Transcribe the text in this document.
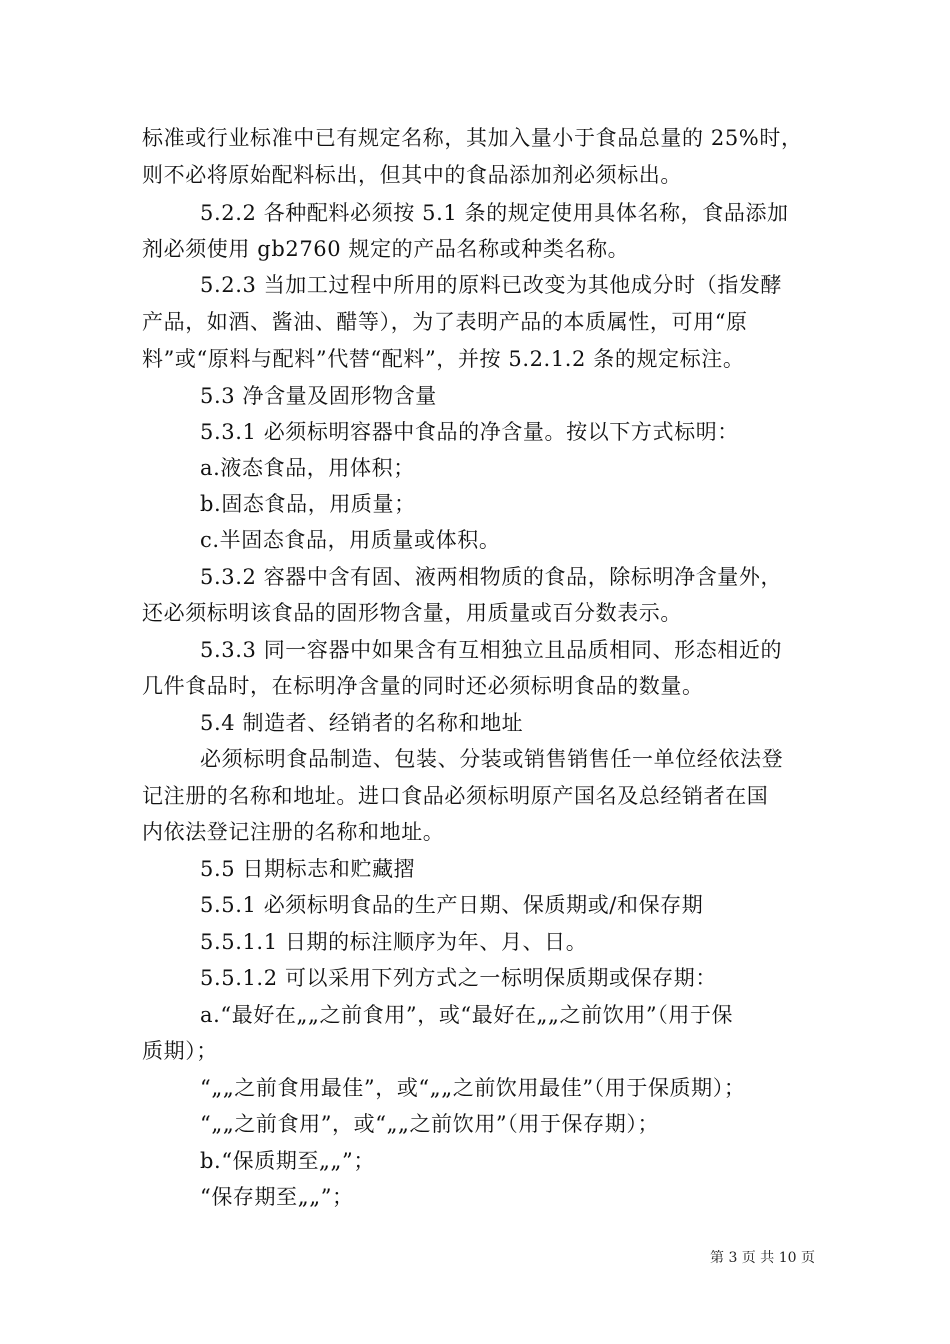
标准或行业标准中已有规定名称，其加入量小于食品总量的 25%时，
则不必将原始配料标出，但其中的食品添加剂必须标出。
5.2.2 各种配料必须按 5.1 条的规定使用具体名称，食品添加
剂必须使用 gb2760 规定的产品名称或种类名称。
5.2.3 当加工过程中所用的原料已改变为其他成分时（指发酵
产品，如酒、酱油、醋等），为了表明产品的本质属性，可用“原
料”或“原料与配料”代替“配料”，并按 5.2.1.2 条的规定标注。
5.3 净含量及固形物含量
5.3.1 必须标明容器中食品的净含量。按以下方式标明：
a.液态食品，用体积；
b.固态食品，用质量；
c.半固态食品，用质量或体积。
5.3.2 容器中含有固、液两相物质的食品，除标明净含量外，
还必须标明该食品的固形物含量，用质量或百分数表示。
5.3.3 同一容器中如果含有互相独立且品质相同、形态相近的
几件食品时，在标明净含量的同时还必须标明食品的数量。
5.4 制造者、经销者的名称和地址
必须标明食品制造、包装、分装或销售销售任一单位经依法登
记注册的名称和地址。进口食品必须标明原产国名及总经销者在国
内依法登记注册的名称和地址。
5.5 日期标志和贮藏摺
5.5.1 必须标明食品的生产日期、保质期或/和保存期
5.5.1.1 日期的标注顺序为年、月、日。
5.5.1.2 可以采用下列方式之一标明保质期或保存期：
a.“最好在„„之前食用”，或“最好在„„之前饮用”（用于保
质期）；
“„„之前食用最佳”，或“„„之前饮用最佳”（用于保质期）；
“„„之前食用”，或“„„之前饮用”（用于保存期）；
b.“保质期至„„”；
“保存期至„„”；
第 3 页 共 10 页
